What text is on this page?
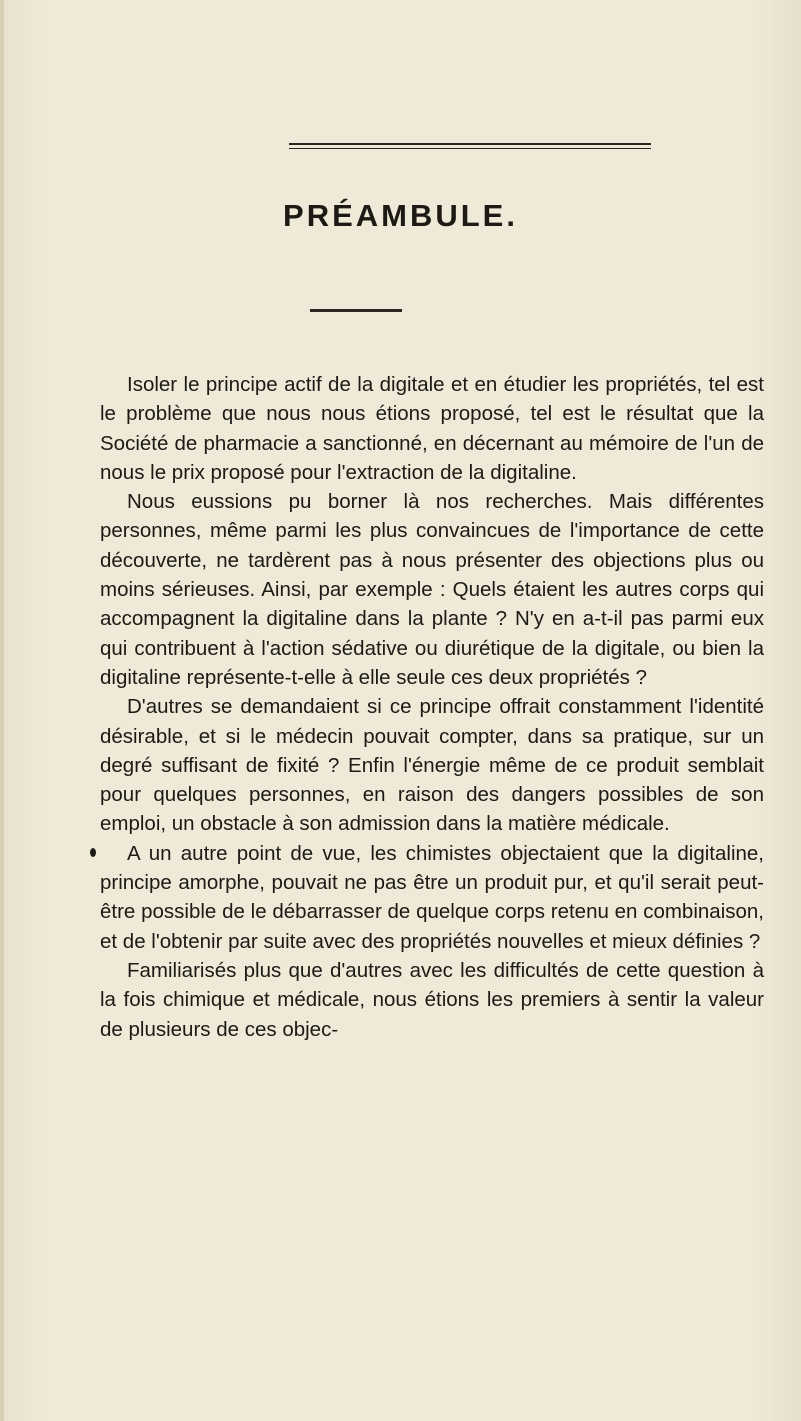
PRÉAMBULE.

Isoler le principe actif de la digitale et en étudier les propriétés, tel est le problème que nous nous étions proposé, tel est le résultat que la Société de pharmacie a sanctionné, en décernant au mémoire de l'un de nous le prix proposé pour l'extraction de la digitaline.

Nous eussions pu borner là nos recherches. Mais différentes personnes, même parmi les plus convaincues de l'importance de cette découverte, ne tardèrent pas à nous présenter des objections plus ou moins sérieuses. Ainsi, par exemple : Quels étaient les autres corps qui accompagnent la digitaline dans la plante ? N'y en a-t-il pas parmi eux qui contribuent à l'action sédative ou diurétique de la digitale, ou bien la digitaline représente-t-elle à elle seule ces deux propriétés ?

D'autres se demandaient si ce principe offrait constamment l'identité désirable, et si le médecin pouvait compter, dans sa pratique, sur un degré suffisant de fixité ? Enfin l'énergie même de ce produit semblait pour quelques personnes, en raison des dangers possibles de son emploi, un obstacle à son admission dans la matière médicale.

A un autre point de vue, les chimistes objectaient que la digitaline, principe amorphe, pouvait ne pas être un produit pur, et qu'il serait peut-être possible de le débarrasser de quelque corps retenu en combinaison, et de l'obtenir par suite avec des propriétés nouvelles et mieux définies ?

Familiarisés plus que d'autres avec les difficultés de cette question à la fois chimique et médicale, nous étions les premiers à sentir la valeur de plusieurs de ces objec-
